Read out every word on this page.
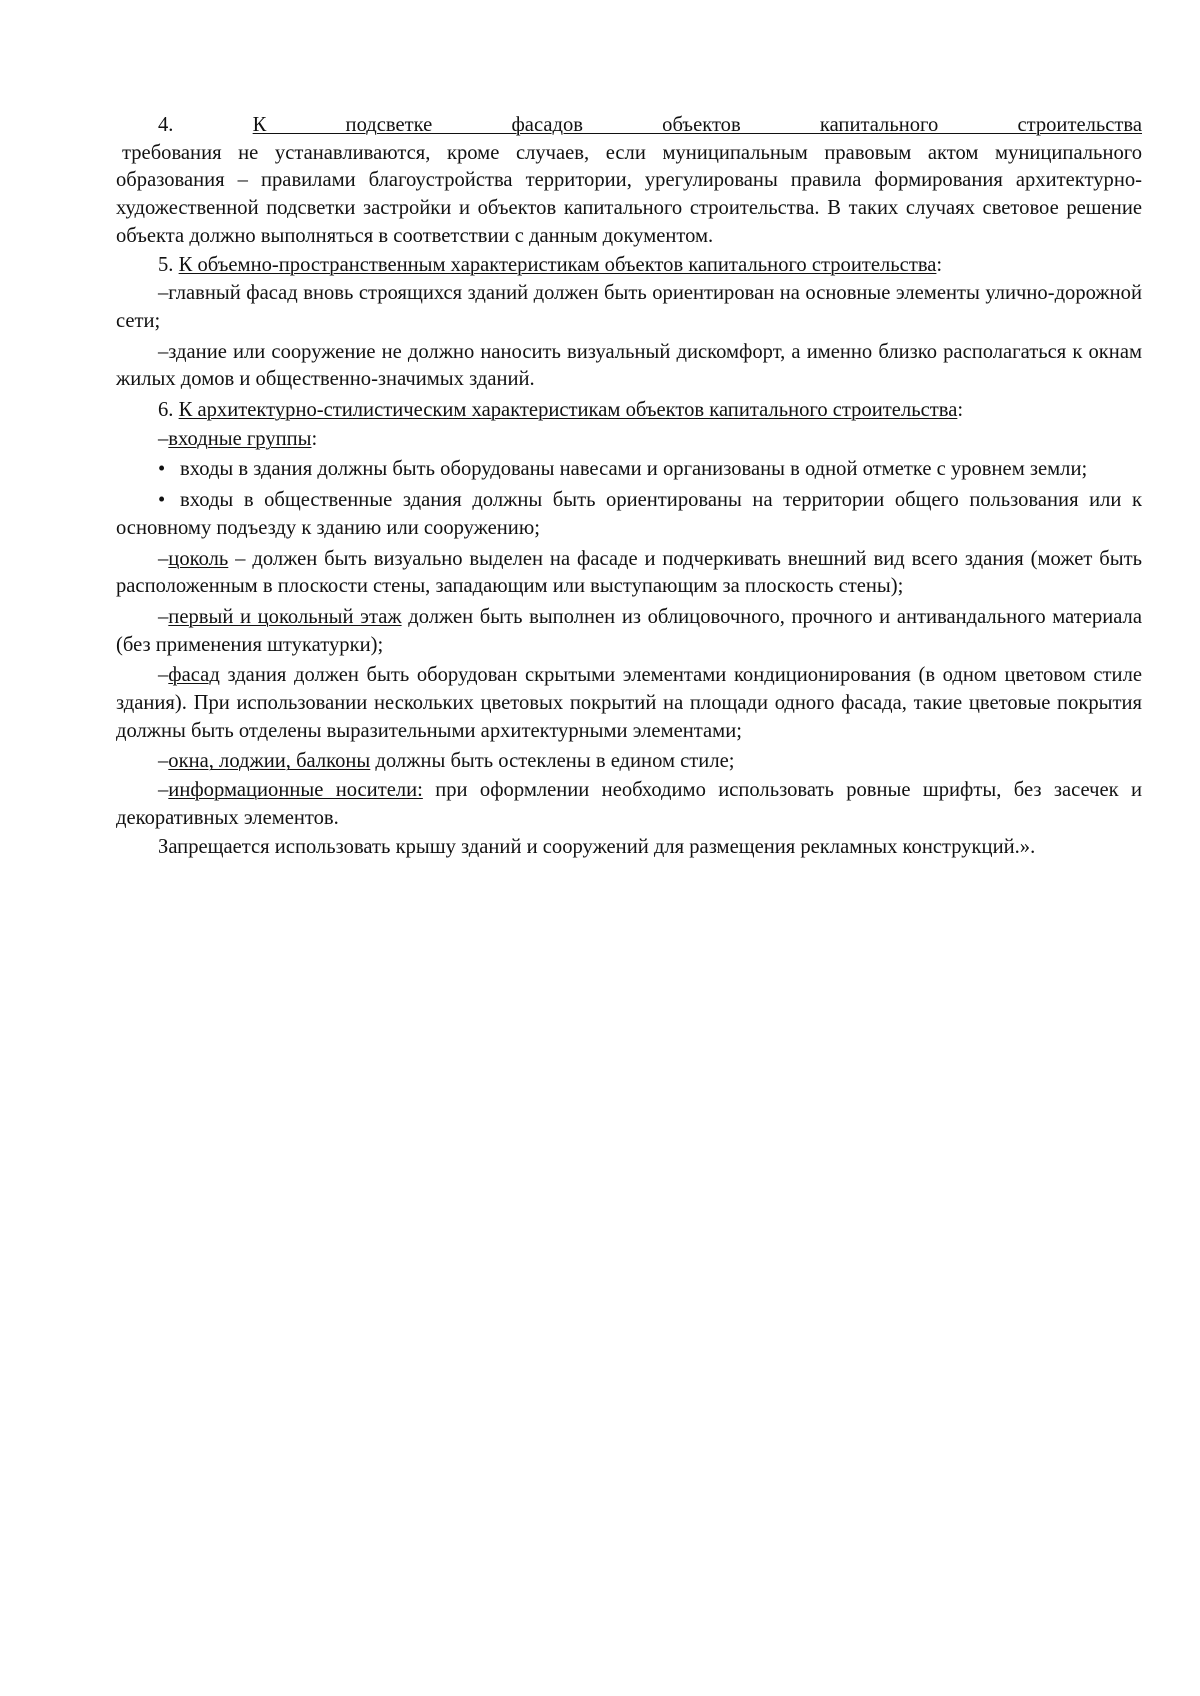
4.	К подсветке фасадов объектов капитального строительства

требования не устанавливаются, кроме случаев, если муниципальным правовым актом муниципального образования – правилами благоустройства территории, урегулированы правила формирования архитектурно-художественной подсветки застройки и объектов капитального строительства. В таких случаях световое решение объекта должно выполняться в соответствии с данным документом.

5. К объемно-пространственным характеристикам объектов капитального строительства:

–главный фасад вновь строящихся зданий должен быть ориентирован на основные элементы улично-дорожной сети;

–здание или сооружение не должно наносить визуальный дискомфорт, а именно близко располагаться к окнам жилых домов и общественно-значимых зданий.

6. К архитектурно-стилистическим характеристикам объектов капитального строительства:

–входные группы:

• входы в здания должны быть оборудованы навесами и организованы в одной отметке с уровнем земли;

• входы в общественные здания должны быть ориентированы на территории общего пользования или к основному подъезду к зданию или сооружению;

–цоколь – должен быть визуально выделен на фасаде и подчеркивать внешний вид всего здания (может быть расположенным в плоскости стены, западающим или выступающим за плоскость стены);

–первый и цокольный этаж должен быть выполнен из облицовочного, прочного и антивандального материала (без применения штукатурки);

–фасад здания должен быть оборудован скрытыми элементами кондиционирования (в одном цветовом стиле здания). При использовании нескольких цветовых покрытий на площади одного фасада, такие цветовые покрытия должны быть отделены выразительными архитектурными элементами;

–окна, лоджии, балконы должны быть остеклены в едином стиле;

–информационные носители: при оформлении необходимо использовать ровные шрифты, без засечек и декоративных элементов.

Запрещается использовать крышу зданий и сооружений для размещения рекламных конструкций.».
